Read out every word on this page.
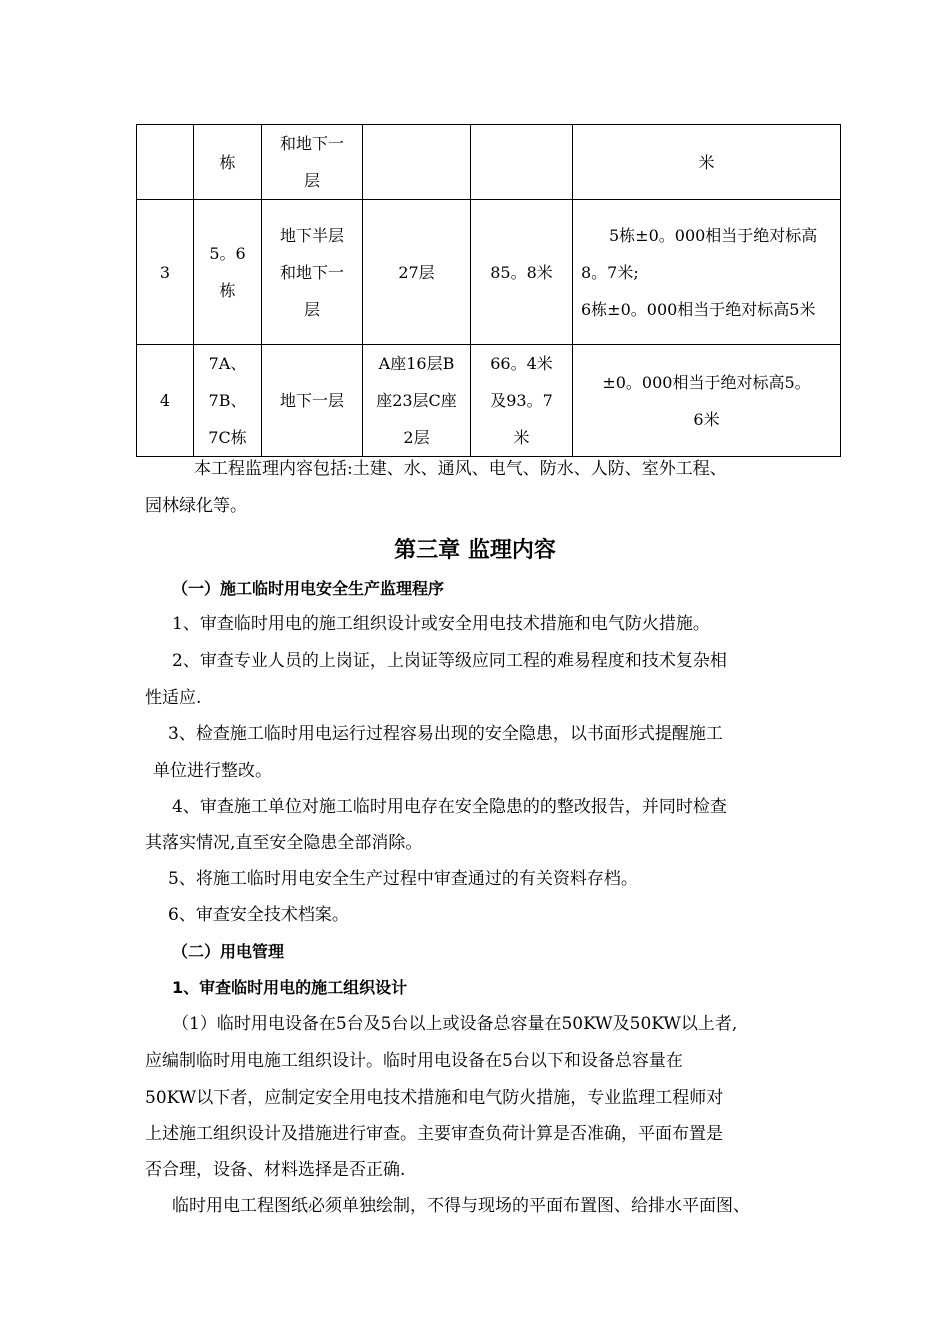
	栋	和地下一层			米
3	5。6栋	地下半层和地下一层	27层	85。8米	5栋±0。000相当于绝对标高8。7米;
6栋±0。000相当于绝对标高5米

4	7A、7B、7C栋	地下一层	A座16层B座23层C座2层	66。4米及93。7米	±0。000相当于绝对标高5。6米
本工程监理内容包括:土建、水、通风、电气、防水、人防、室外工程、
园林绿化等。
第三章 监理内容
（一）施工临时用电安全生产监理程序
1、审查临时用电的施工组织设计或安全用电技术措施和电气防火措施。
2、审查专业人员的上岗证，上岗证等级应同工程的难易程度和技术复杂相
性适应.
3、检查施工临时用电运行过程容易出现的安全隐患，以书面形式提醒施工
单位进行整改。
4、审查施工单位对施工临时用电存在安全隐患的的整改报告，并同时检查
其落实情况,直至安全隐患全部消除。
5、将施工临时用电安全生产过程中审查通过的有关资料存档。
6、审查安全技术档案。
（二）用电管理
1、审查临时用电的施工组织设计
（1）临时用电设备在5台及5台以上或设备总容量在50KW及50KW以上者,
应编制临时用电施工组织设计。临时用电设备在5台以下和设备总容量在
50KW以下者，应制定安全用电技术措施和电气防火措施，专业监理工程师对
上述施工组织设计及措施进行审查。主要审查负荷计算是否准确，平面布置是
否合理，设备、材料选择是否正确.
临时用电工程图纸必须单独绘制，不得与现场的平面布置图、给排水平面图、
